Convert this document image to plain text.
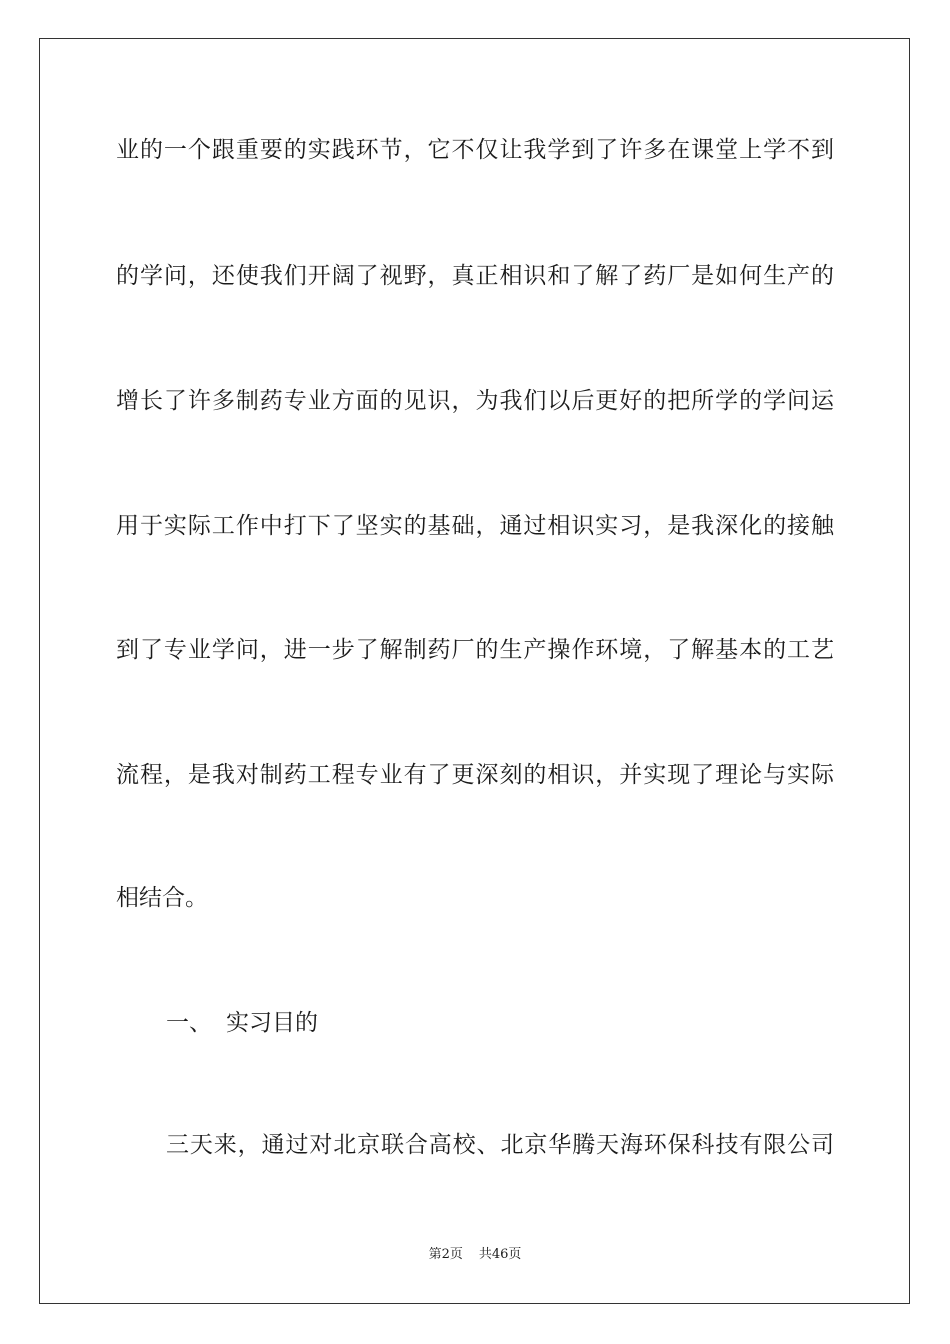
业的一个跟重要的实践环节，它不仅让我学到了许多在课堂上学不到
的学问，还使我们开阔了视野，真正相识和了解了药厂是如何生产的
增长了许多制药专业方面的见识，为我们以后更好的把所学的学问运
用于实际工作中打下了坚实的基础，通过相识实习，是我深化的接触
到了专业学问，进一步了解制药厂的生产操作环境，了解基本的工艺
流程，是我对制药工程专业有了更深刻的相识，并实现了理论与实际
相结合。
一、 实习目的
三天来，通过对北京联合高校、北京华腾天海环保科技有限公司
第2页 共46页
